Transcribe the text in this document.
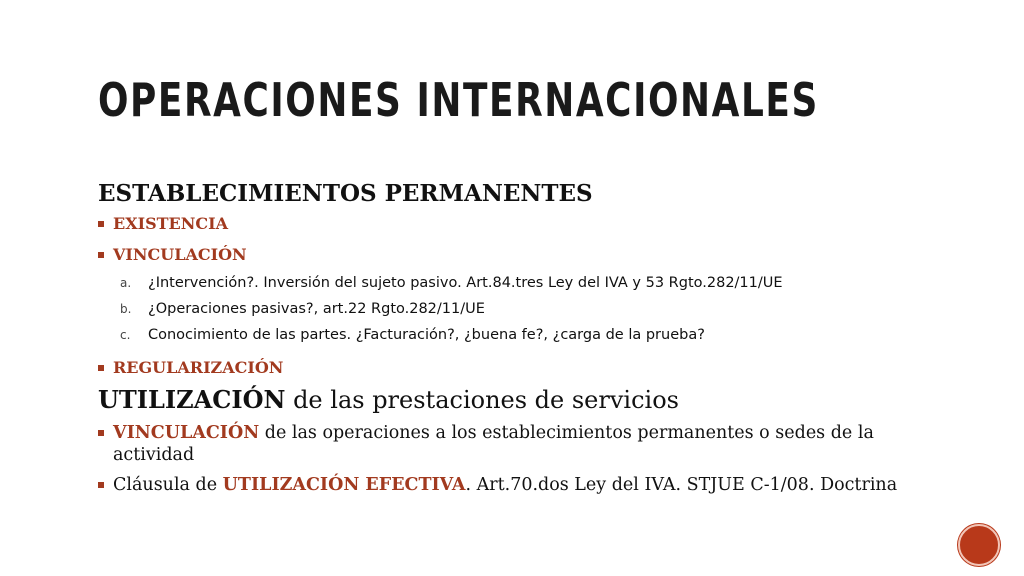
OPERACIONES INTERNACIONALES
ESTABLECIMIENTOS PERMANENTES
EXISTENCIA
VINCULACIÓN
a. ¿Intervención?. Inversión del sujeto pasivo. Art.84.tres Ley del IVA y 53 Rgto.282/11/UE
b. ¿Operaciones pasivas?, art.22 Rgto.282/11/UE
c. Conocimiento de las partes. ¿Facturación?, ¿buena fe?, ¿carga de la prueba?
REGULARIZACIÓN
UTILIZACIÓN de las prestaciones de servicios
VINCULACIÓN de las operaciones a los establecimientos permanentes o sedes de la actividad
Cláusula de UTILIZACIÓN EFECTIVA. Art.70.dos Ley del IVA. STJUE C-1/08. Doctrina
